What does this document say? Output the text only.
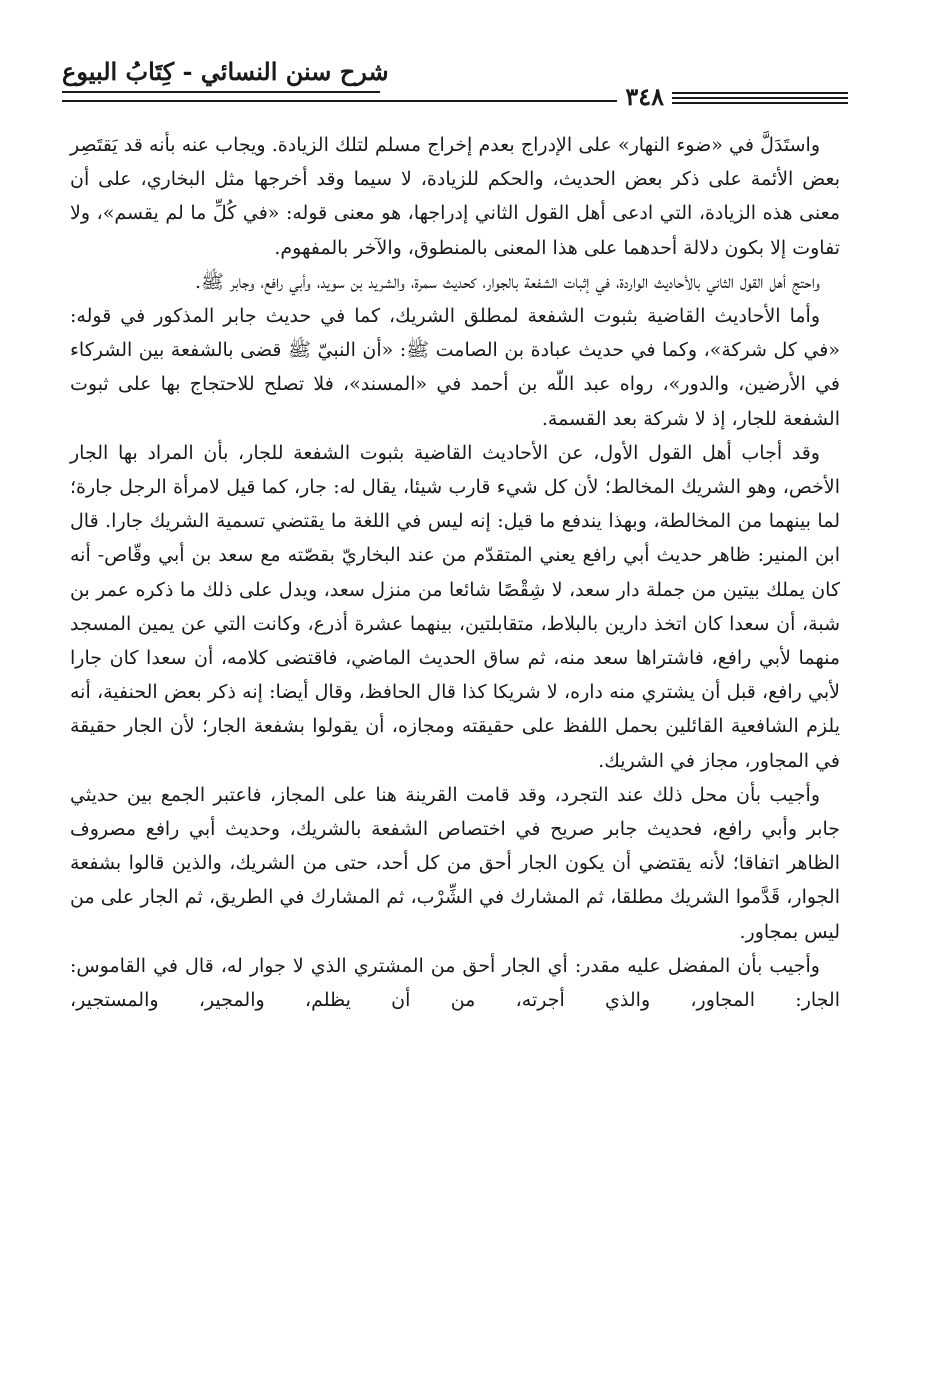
شرح سنن النسائي - كِتَابُ البيوع
٣٤٨

واستَدَلَّ في «ضوء النهار» على الإدراج بعدم إخراج مسلم لتلك الزيادة. ويجاب عنه بأنه قد يَقتَصِر بعض الأئمة على ذكر بعض الحديث، والحكم للزيادة، لا سيما وقد أخرجها مثل البخاري، على أن معنى هذه الزيادة، التي ادعى أهل القول الثاني إدراجها، هو معنى قوله: «في كُلِّ ما لم يقسم»، ولا تفاوت إلا بكون دلالة أحدهما على هذا المعنى بالمنطوق، والآخر بالمفهوم.

واحتج أهل القول الثاني بالأحاديث الواردة، في إثبات الشفعة بالجوار، كحديث سمرة، والشريد بن سويد، وأبي رافع، وجابر ﷺ.

وأما الأحاديث القاضية بثبوت الشفعة لمطلق الشريك، كما في حديث جابر المذكور في قوله: «في كل شركة»، وكما في حديث عبادة بن الصامت ﷺ: «أن النبيّ ﷺ قضى بالشفعة بين الشركاء في الأرضين، والدور»، رواه عبد اللّه بن أحمد في «المسند»، فلا تصلح للاحتجاج بها على ثبوت الشفعة للجار، إذ لا شركة بعد القسمة.

وقد أجاب أهل القول الأول، عن الأحاديث القاضية بثبوت الشفعة للجار، بأن المراد بها الجار الأخص، وهو الشريك المخالط؛ لأن كل شيء قارب شيئا، يقال له: جار، كما قيل لامرأة الرجل جارة؛ لما بينهما من المخالطة، وبهذا يندفع ما قيل: إنه ليس في اللغة ما يقتضي تسمية الشريك جارا. قال ابن المنير: ظاهر حديث أبي رافع يعني المتقدّم من عند البخاريّ بقصّته مع سعد بن أبي وقّاص- أنه كان يملك بيتين من جملة دار سعد، لا شِقْصًا شائعا من منزل سعد، ويدل على ذلك ما ذكره عمر بن شبة، أن سعدا كان اتخذ دارين بالبلاط، متقابلتين، بينهما عشرة أذرع، وكانت التي عن يمين المسجد منهما لأبي رافع، فاشتراها سعد منه، ثم ساق الحديث الماضي، فاقتضى كلامه، أن سعدا كان جارا لأبي رافع، قبل أن يشتري منه داره، لا شريكا كذا قال الحافظ، وقال أيضا: إنه ذكر بعض الحنفية، أنه يلزم الشافعية القائلين بحمل اللفظ على حقيقته ومجازه، أن يقولوا بشفعة الجار؛ لأن الجار حقيقة في المجاور، مجاز في الشريك.

وأجيب بأن محل ذلك عند التجرد، وقد قامت القرينة هنا على المجاز، فاعتبر الجمع بين حديثي جابر وأبي رافع، فحديث جابر صريح في اختصاص الشفعة بالشريك، وحديث أبي رافع مصروف الظاهر اتفاقا؛ لأنه يقتضي أن يكون الجار أحق من كل أحد، حتى من الشريك، والذين قالوا بشفعة الجوار، قَدَّموا الشريك مطلقا، ثم المشارك في الشِّرْب، ثم المشارك في الطريق، ثم الجار على من ليس بمجاور.

وأجيب بأن المفضل عليه مقدر: أي الجار أحق من المشتري الذي لا جوار له، قال في القاموس: الجار: المجاور، والذي أجرته، من أن يظلم، والمجير، والمستجير،
